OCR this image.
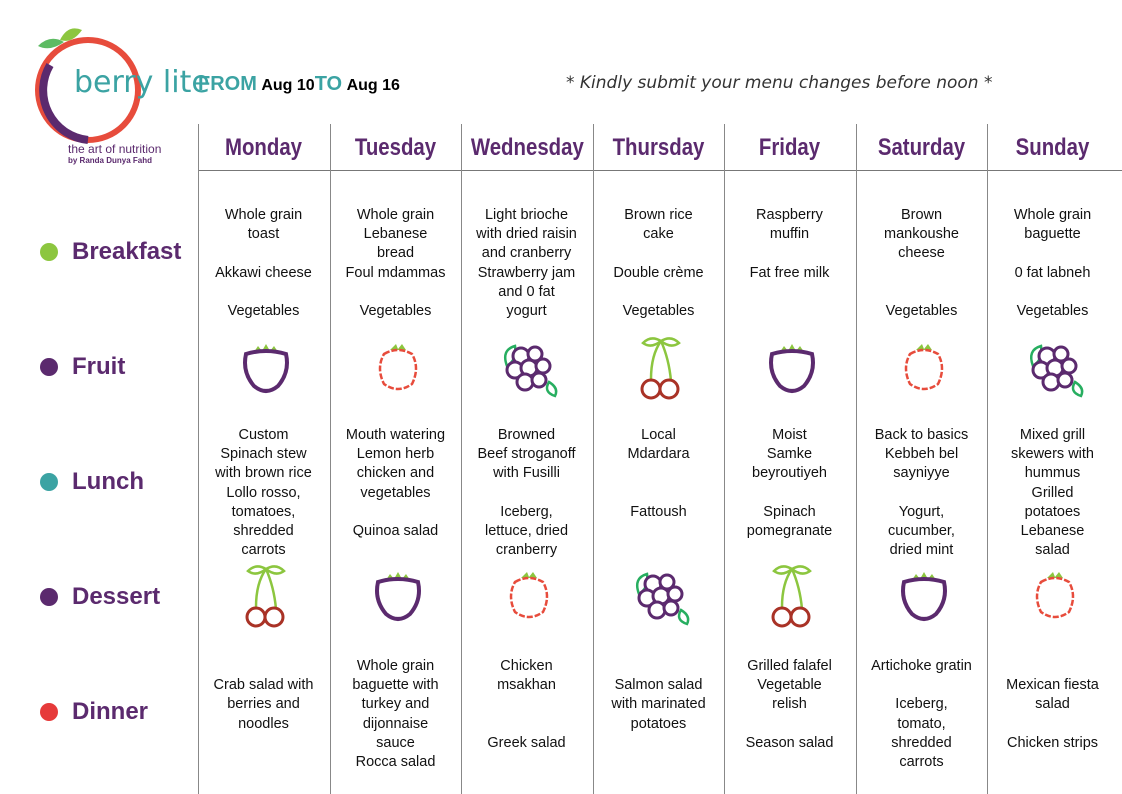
berry lite
the art of nutrition
by Randa Dunya Fahd
FROM Aug 10TO Aug 16	* Kindly submit your menu changes before noon *
Breakfast
Fruit
Lunch
Dessert
Dinner
Monday
Whole grain
toast

Akkawi cheese

Vegetables
Custom
Spinach stew
with brown rice
Lollo rosso,
tomatoes,
shredded
carrots

Crab salad with
berries and
noodles
Tuesday
Whole grain
Lebanese
bread
Foul mdammas

Vegetables
Mouth watering
Lemon herb
chicken and
vegetables

Quinoa salad
Whole grain
baguette with
turkey and
dijonnaise
sauce
Rocca salad
Wednesday
Light brioche
with dried raisin
and cranberry
Strawberry jam
and 0 fat
yogurt
Browned
Beef stroganoff
with Fusilli

Iceberg,
lettuce, dried
cranberry
Chicken
msakhan

Greek salad
Thursday
Brown rice
cake

Double crème

Vegetables
Local
Mdardara

Fattoush

Salmon salad
with marinated
potatoes
Friday
Raspberry
muffin

Fat free milk
Moist
Samke
beyroutiyeh

Spinach
pomegranate
Grilled falafel
Vegetable
relish

Season salad
Saturday
Brown
mankoushe
cheese

Vegetables
Back to basics
Kebbeh bel
sayniyye

Yogurt,
cucumber,
dried mint
Artichoke gratin

Iceberg,
tomato,
shredded
carrots
Sunday
Whole grain
baguette

0 fat labneh

Vegetables
Mixed grill
skewers with
hummus
Grilled
potatoes
Lebanese
salad

Mexican fiesta
salad

Chicken strips
